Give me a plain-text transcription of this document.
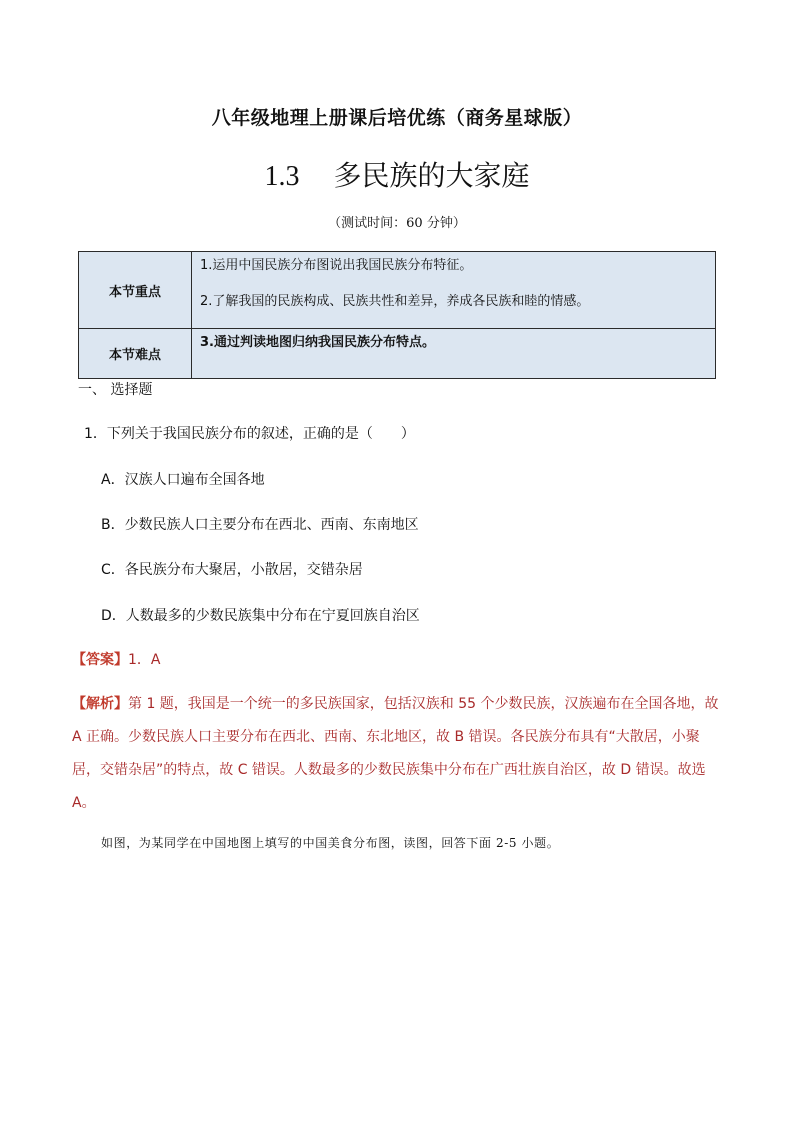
八年级地理上册课后培优练（商务星球版）
1.3 多民族的大家庭
（测试时间：60 分钟）
本节重点	1.运用中国民族分布图说出我国民族分布特征。

2.了解我国的民族构成、民族共性和差异，养成各民族和睦的情感。

本节难点	3.通过判读地图归纳我国民族分布特点。

一、 选择题
1．下列关于我国民族分布的叙述，正确的是（　　）
A．汉族人口遍布全国各地
B．少数民族人口主要分布在西北、西南、东南地区
C．各民族分布大聚居，小散居，交错杂居
D．人数最多的少数民族集中分布在宁夏回族自治区
【答案】1．A
【解析】第 1 题，我国是一个统一的多民族国家，包括汉族和 55 个少数民族，汉族遍布在全国各地，故 A 正确。少数民族人口主要分布在西北、西南、东北地区，故 B 错误。各民族分布具有“大散居，小聚居，交错杂居”的特点，故 C 错误。人数最多的少数民族集中分布在广西壮族自治区，故 D 错误。故选 A。
如图，为某同学在中国地图上填写的中国美食分布图，读图，回答下面 2-5 小题。
